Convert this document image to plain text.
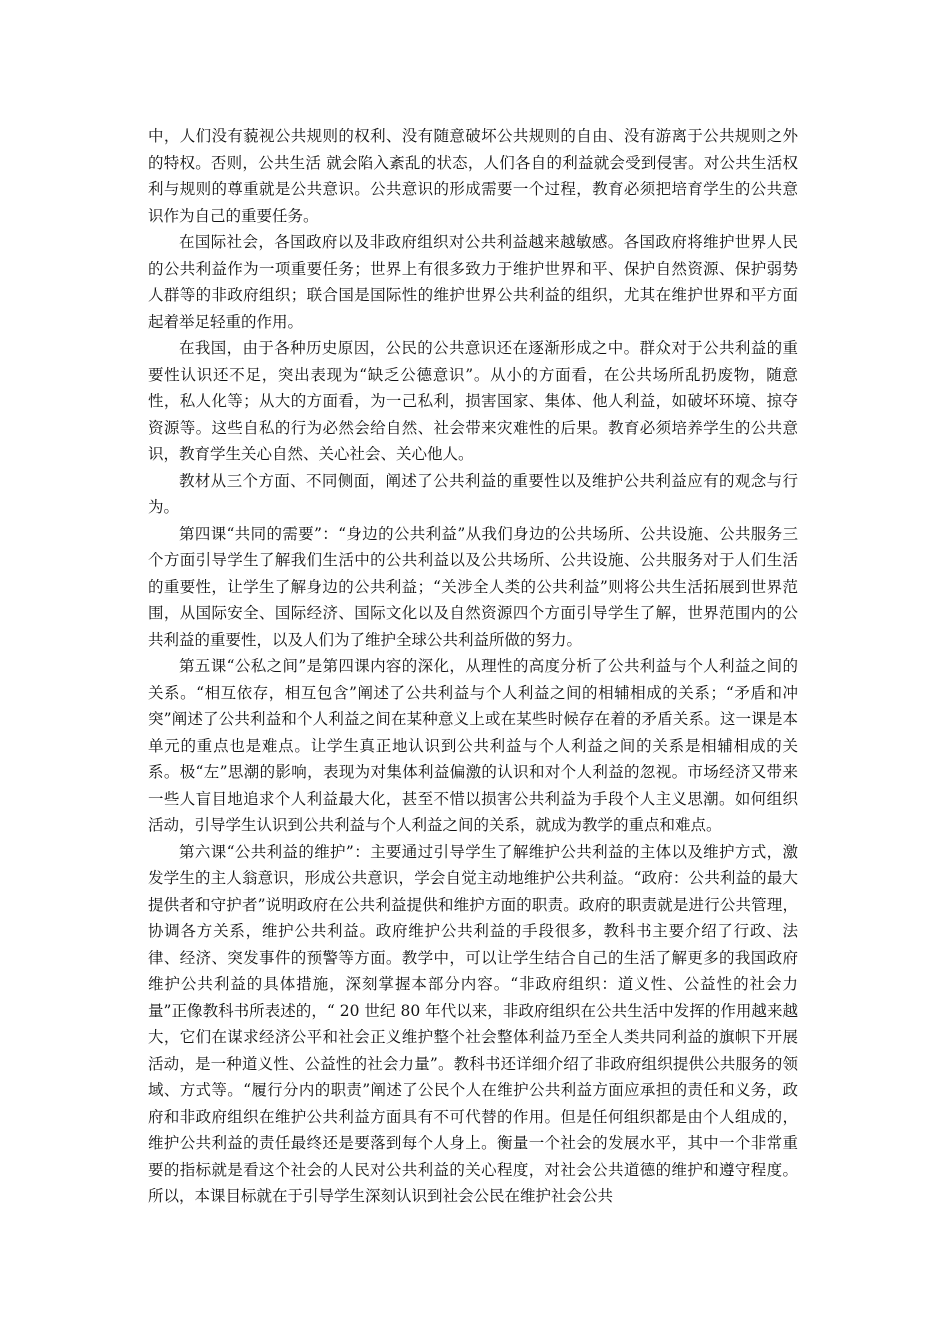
中，人们没有藐视公共规则的权利、没有随意破坏公共规则的自由、没有游离于公共规则之外的特权。否则，公共生活 就会陷入紊乱的状态，人们各自的利益就会受到侵害。对公共生活权利与规则的尊重就是公共意识。公共意识的形成需要一个过程，教育必须把培育学生的公共意识作为自己的重要任务。

在国际社会，各国政府以及非政府组织对公共利益越来越敏感。各国政府将维护世界人民的公共利益作为一项重要任务；世界上有很多致力于维护世界和平、保护自然资源、保护弱势人群等的非政府组织；联合国是国际性的维护世界公共利益的组织，尤其在维护世界和平方面起着举足轻重的作用。

在我国，由于各种历史原因，公民的公共意识还在逐渐形成之中。群众对于公共利益的重要性认识还不足，突出表现为“缺乏公德意识”。从小的方面看，在公共场所乱扔废物，随意性，私人化等；从大的方面看，为一己私利，损害国家、集体、他人利益，如破坏环境、掠夺资源等。这些自私的行为必然会给自然、社会带来灾难性的后果。教育必须培养学生的公共意识，教育学生关心自然、关心社会、关心他人。

教材从三个方面、不同侧面，阐述了公共利益的重要性以及维护公共利益应有的观念与行为。

第四课“共同的需要”：“身边的公共利益”从我们身边的公共场所、公共设施、公共服务三个方面引导学生了解我们生活中的公共利益以及公共场所、公共设施、公共服务对于人们生活的重要性，让学生了解身边的公共利益；“关涉全人类的公共利益”则将公共生活拓展到世界范围，从国际安全、国际经济、国际文化以及自然资源四个方面引导学生了解，世界范围内的公共利益的重要性，以及人们为了维护全球公共利益所做的努力。

第五课“公私之间”是第四课内容的深化，从理性的高度分析了公共利益与个人利益之间的关系。“相互依存，相互包含”阐述了公共利益与个人利益之间的相辅相成的关系；“矛盾和冲突”阐述了公共利益和个人利益之间在某种意义上或在某些时候存在着的矛盾关系。这一课是本单元的重点也是难点。让学生真正地认识到公共利益与个人利益之间的关系是相辅相成的关系。极“左”思潮的影响，表现为对集体利益偏激的认识和对个人利益的忽视。市场经济又带来一些人盲目地追求个人利益最大化，甚至不惜以损害公共利益为手段个人主义思潮。如何组织活动，引导学生认识到公共利益与个人利益之间的关系，就成为教学的重点和难点。

第六课“公共利益的维护”：主要通过引导学生了解维护公共利益的主体以及维护方式，激发学生的主人翁意识，形成公共意识，学会自觉主动地维护公共利益。“政府：公共利益的最大提供者和守护者”说明政府在公共利益提供和维护方面的职责。政府的职责就是进行公共管理，协调各方关系，维护公共利益。政府维护公共利益的手段很多，教科书主要介绍了行政、法律、经济、突发事件的预警等方面。教学中，可以让学生结合自己的生活了解更多的我国政府维护公共利益的具体措施，深刻掌握本部分内容。“非政府组织：道义性、公益性的社会力量”正像教科书所表述的，“ 20 世纪 80 年代以来，非政府组织在公共生活中发挥的作用越来越大，它们在谋求经济公平和社会正义维护整个社会整体利益乃至全人类共同利益的旗帜下开展活动，是一种道义性、公益性的社会力量”。教科书还详细介绍了非政府组织提供公共服务的领域、方式等。“履行分内的职责”阐述了公民个人在维护公共利益方面应承担的责任和义务，政府和非政府组织在维护公共利益方面具有不可代替的作用。但是任何组织都是由个人组成的，维护公共利益的责任最终还是要落到每个人身上。衡量一个社会的发展水平，其中一个非常重要的指标就是看这个社会的人民对公共利益的关心程度，对社会公共道德的维护和遵守程度。所以，本课目标就在于引导学生深刻认识到社会公民在维护社会公共
